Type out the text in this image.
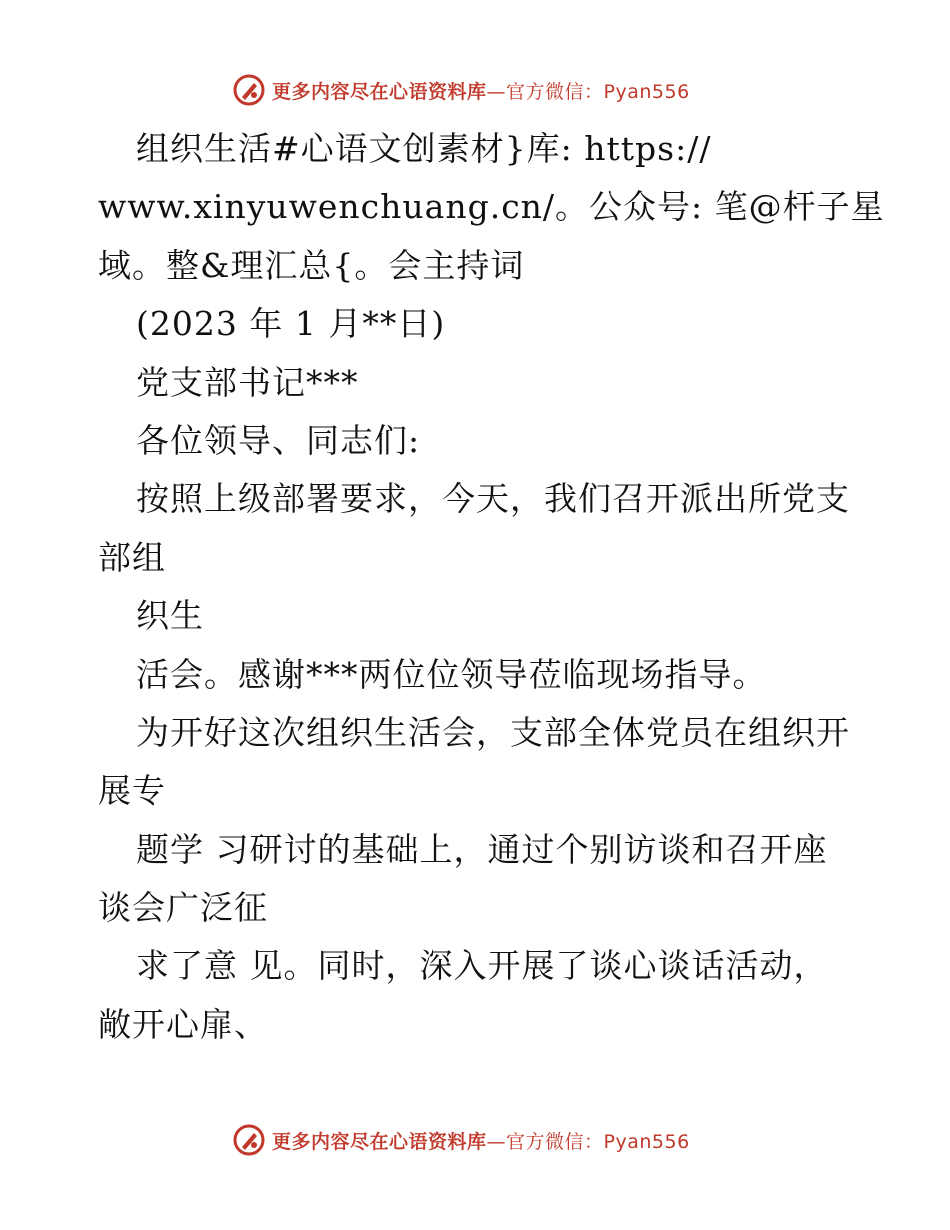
更多内容尽在心语资料库—官方微信：Pyan556
组织生活#心语文创素材}库: https://
www.xinyuwenchuang.cn/。公众号: 笔@杆子星
域。整&理汇总{。会主持词
(2023 年 1 月**日)
党支部书记***
各位领导、同志们:
按照上级部署要求，今天，我们召开派出所党支
部组
织生
活会。感谢***两位位领导莅临现场指导。
为开好这次组织生活会，支部全体党员在组织开
展专
题学 习研讨的基础上，通过个别访谈和召开座
谈会广泛征
求了意 见。同时，深入开展了谈心谈话活动，
敞开心扉、
更多内容尽在心语资料库—官方微信：Pyan556
